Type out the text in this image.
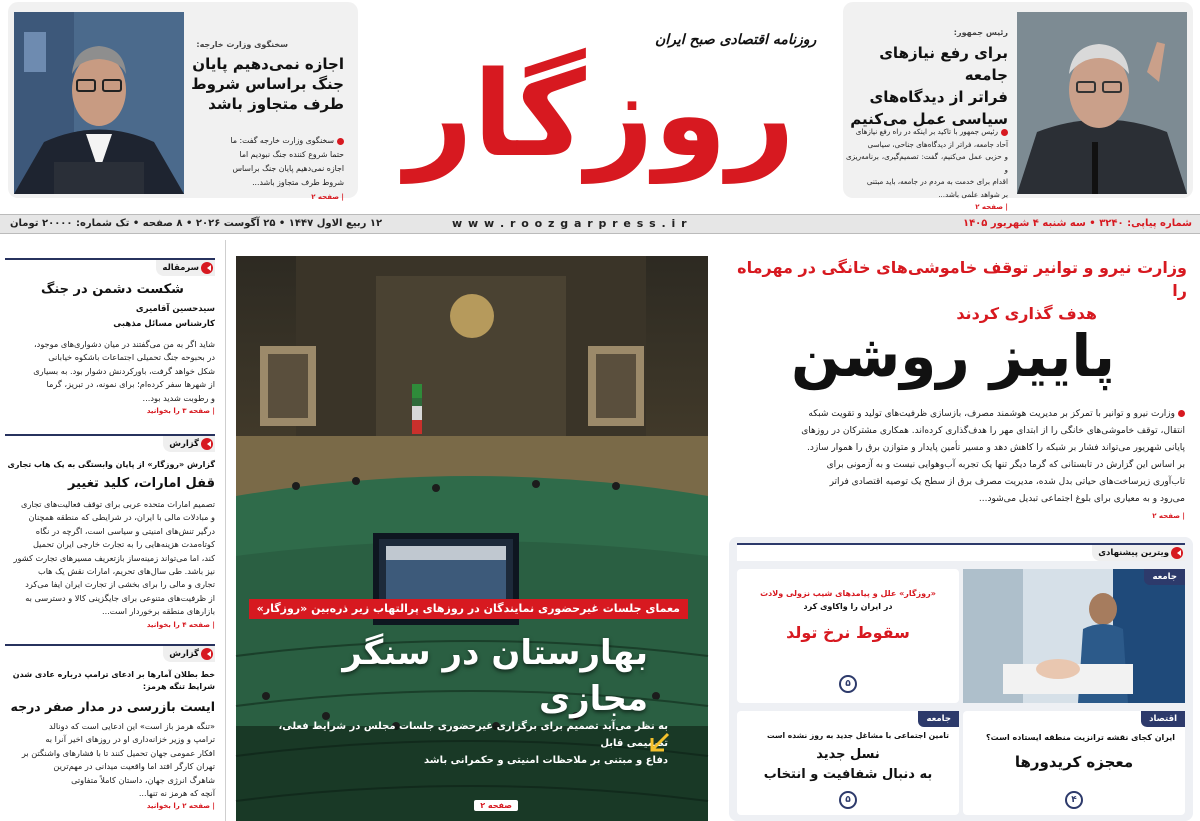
سخنگوی وزارت خارجه:
اجازه نمی‌دهیم پایان
جنگ براساس شروط
طرف متجاوز باشد
سخنگوی وزارت خارجه گفت: ما
حتما شروع کننده جنگ نبودیم اما
اجازه نمی‌دهیم پایان جنگ براساس
شروط طرف متجاوز باشد...
| صفحه ۲
روزنامه اقتصادی صبح ایران
روزگار
رئیس جمهور:
برای رفع نیازهای جامعه
فراتر از دیدگاه‌های
سیاسی عمل می‌کنیم
رئیس جمهور با تاکید بر اینکه در راه رفع نیازهای
آحاد جامعه، فراتر از دیدگاه‌های جناحی، سیاسی
و حزبی عمل می‌کنیم، گفت: تصمیم‌گیری، برنامه‌ریزی و
اقدام برای خدمت به مردم در جامعه، باید مبتنی
بر شواهد علمی باشد...
| صفحه ۲
شماره پیاپی: ۳۲۴۰ • سه شنبه ۴ شهریور ۱۴۰۵
w w w . r o o z g a r p r e s s . i r
۱۲ ربیع الاول ۱۴۴۷ • ۲۵ آگوست ۲۰۲۶ • ۸ صفحه • تک شماره: ۲۰۰۰۰ تومان
سرمقاله
شکست دشمن در جنگ
سیدحسین آقامیری
کارشناس مسائل مذهبی
شاید اگر به من می‌گفتند در میان دشواری‌های موجود،
در بحبوحه جنگ تحمیلی اجتماعات باشکوه خیابانی
شکل خواهد گرفت، باورکردنش دشوار بود. به بسیاری
از شهرها سفر کرده‌ام؛ برای نمونه، در تبریز، گرما
و رطوبت شدید بود...
| صفحه ۳ را بخوانید
گزارش
گزارش «روزگار» از پایان وابستگی به یک هاب تجاری
قفل امارات، کلید تغییر
تصمیم امارات متحده عربی برای توقف فعالیت‌های تجاری
و مبادلات مالی با ایران، در شرایطی که منطقه همچنان
درگیر تنش‌های امنیتی و سیاسی است، اگرچه در نگاه
کوتاه‌مدت هزینه‌هایی را به تجارت خارجی ایران تحمیل
کند، اما می‌تواند زمینه‌ساز بازتعریف مسیرهای تجارت کشور
نیز باشد. طی سال‌های تحریم، امارات نقش یک هاب
تجاری و مالی را برای بخشی از تجارت ایران ایفا می‌کرد
از ظرفیت‌های متنوعی برای جایگزینی کالا و دسترسی به
بازارهای منطقه برخوردار است...
| صفحه ۴ را بخوانید
گزارش
خط بطلان آمارها بر ادعای ترامپ درباره عادی شدن شرایط تنگه هرمز:
ایست بازرسی در مدار صفر درجه
«تنگه هرمز باز است» این ادعایی است که دونالد
ترامپ و وزیر خزانه‌داری او در روزهای اخیر آنرا به
افکار عمومی جهان تحمیل کنند تا با فشارهای واشنگتن بر
تهران کارگر افتد اما واقعیت میدانی در مهم‌ترین
شاهرگ انرژی جهان، داستان کاملاً متفاوتی
آنچه که هرمز نه تنها...
| صفحه ۲ را بخوانید
معمای جلسات غیرحضوری نمایندگان در روزهای پرالتهاب زیر ذره‌بین «روزگار»
بهارستان در سنگر مجازی
به نظر می‌آید تصمیم برای برگزاری غیرحضوری جلسات مجلس در شرایط فعلی، تصمیمی قابل
دفاع و مبتنی بر ملاحظات امنیتی و حکمرانی باشد
صفحه ۲
وزارت نیرو و توانیر توقف خاموشی‌های خانگی در مهرماه را
هدف گذاری کردند
پاییز روشن
وزارت نیرو و توانیر با تمرکز بر مدیریت هوشمند مصرف، بازسازی ظرفیت‌های تولید و تقویت شبکه
انتقال، توقف خاموشی‌های خانگی را از ابتدای مهر را هدف‌گذاری کرده‌اند. همکاری مشترکان در روزهای
پایانی شهریور می‌تواند فشار بر شبکه را کاهش دهد و مسیر تأمین پایدار و متوازن برق را هموار سازد.
بر اساس این گزارش در تابستانی که گرما دیگر تنها یک تجربه آب‌وهوایی نیست و به آزمونی برای
تاب‌آوری زیرساخت‌های حیاتی بدل شده، مدیریت مصرف برق از سطح یک توصیه اقتصادی فراتر
می‌رود و به معیاری برای بلوغ اجتماعی تبدیل می‌شود...
| صفحه ۲
ویترین پیشنهادی
جامعه
«روزگار» علل و پیامدهای شیب نزولی ولادت
در ایران را واکاوی کرد
سقوط نرخ تولد
۵
اقتصاد
ایران کجای نقشه ترانزیت منطقه ایستاده است؟
معجزه کریدورها
۴
جامعه
تامین اجتماعی با مشاغل جدید به روز نشده است
نسل جدید
به دنبال شفافیت و انتخاب
۵
